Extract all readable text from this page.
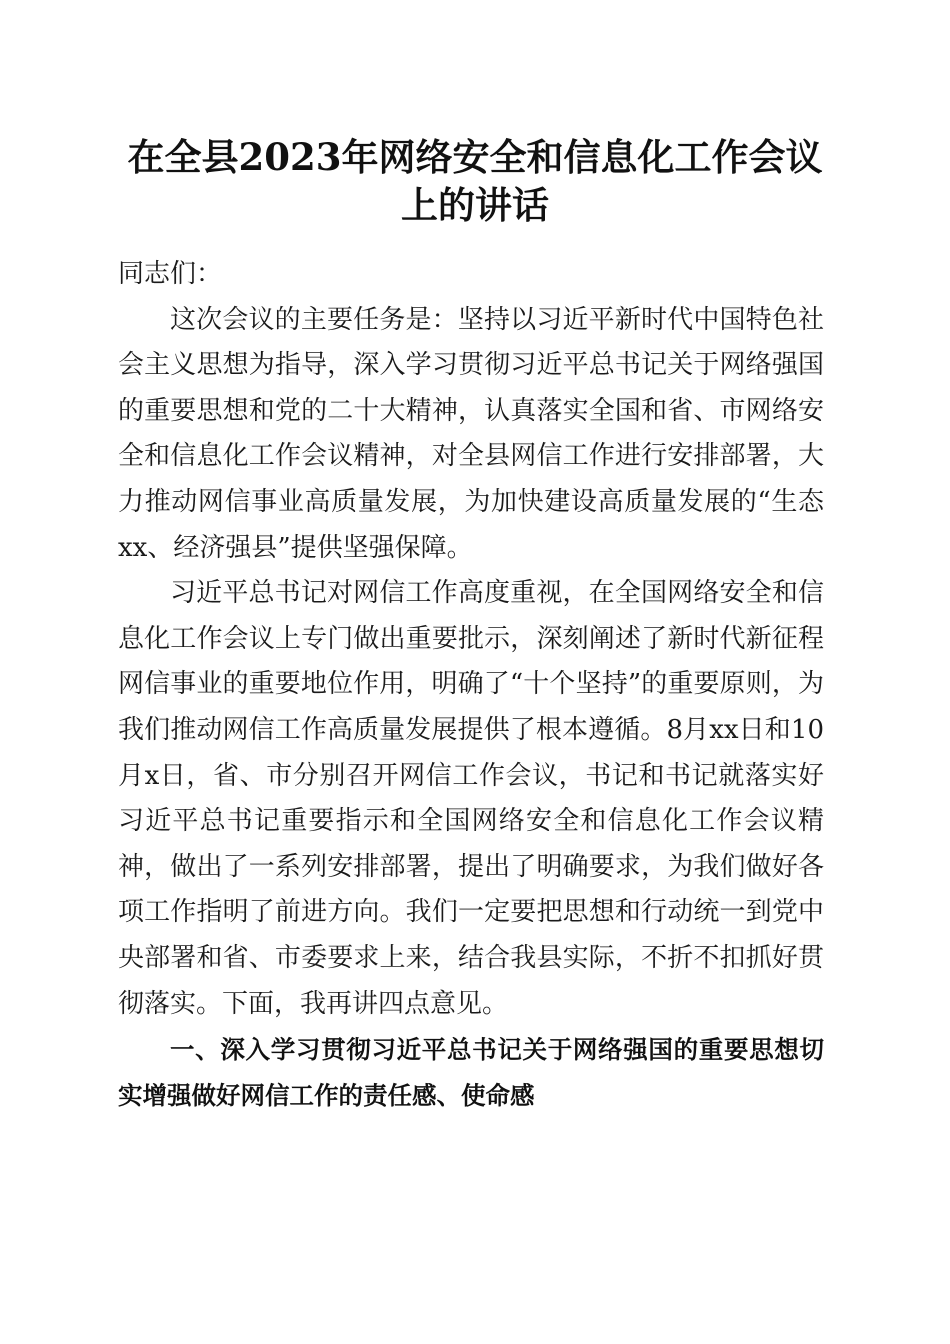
在全县2023年网络安全和信息化工作会议上的讲话

同志们：

这次会议的主要任务是：坚持以习近平新时代中国特色社会主义思想为指导，深入学习贯彻习近平总书记关于网络强国的重要思想和党的二十大精神，认真落实全国和省、市网络安全和信息化工作会议精神，对全县网信工作进行安排部署，大力推动网信事业高质量发展，为加快建设高质量发展的“生态xx、经济强县”提供坚强保障。

习近平总书记对网信工作高度重视，在全国网络安全和信息化工作会议上专门做出重要批示，深刻阐述了新时代新征程网信事业的重要地位作用，明确了“十个坚持”的重要原则，为我们推动网信工作高质量发展提供了根本遵循。8月xx日和10月x日，省、市分别召开网信工作会议，书记和书记就落实好习近平总书记重要指示和全国网络安全和信息化工作会议精神，做出了一系列安排部署，提出了明确要求，为我们做好各项工作指明了前进方向。我们一定要把思想和行动统一到党中央部署和省、市委要求上来，结合我县实际，不折不扣抓好贯彻落实。下面，我再讲四点意见。

一、深入学习贯彻习近平总书记关于网络强国的重要思想切实增强做好网信工作的责任感、使命感
